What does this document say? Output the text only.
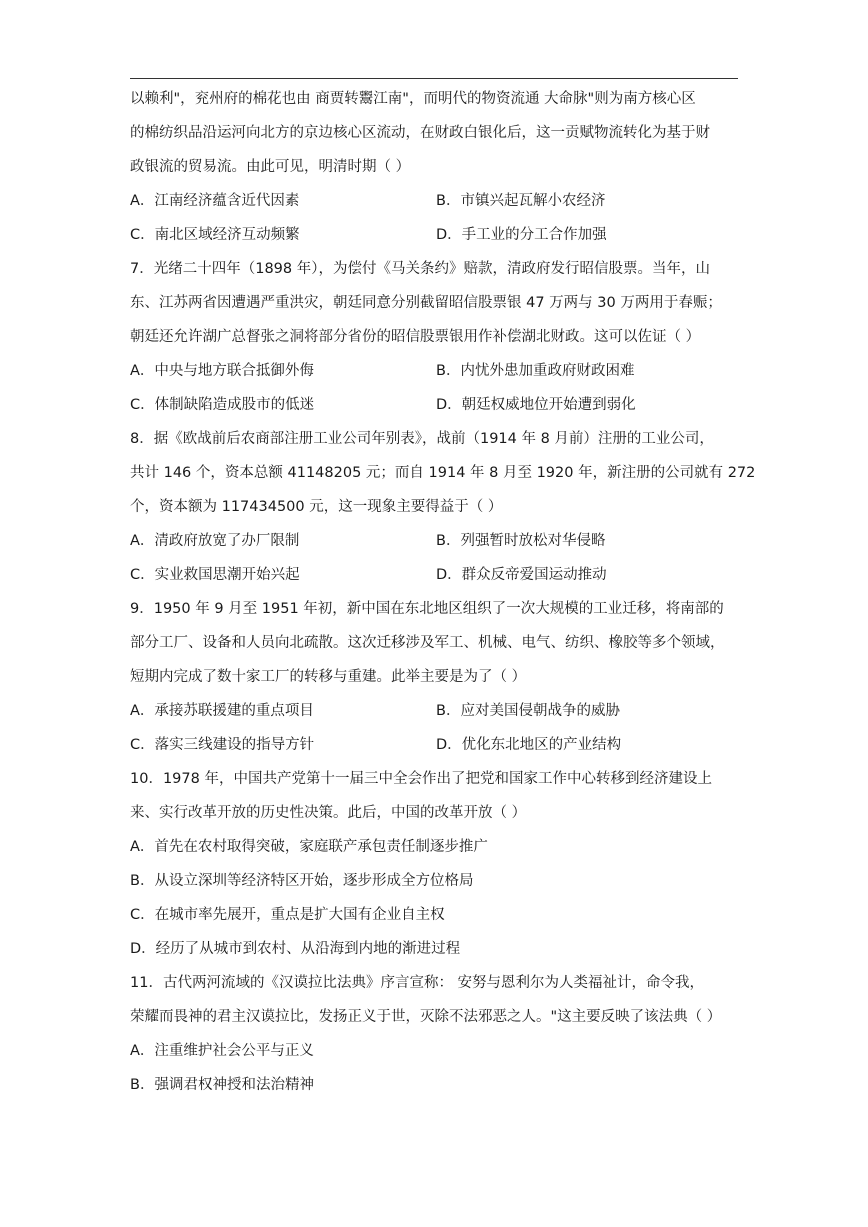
以赖利"，兖州府的棉花也由 商贾转鬻江南"，而明代的物资流通 大命脉"则为南方核心区
的棉纺织品沿运河向北方的京边核心区流动，在财政白银化后，这一贡赋物流转化为基于财
政银流的贸易流。由此可见，明清时期（ ）
A．江南经济蕴含近代因素	B．市镇兴起瓦解小农经济
C．南北区域经济互动频繁	D．手工业的分工合作加强
7．光绪二十四年（1898 年），为偿付《马关条约》赔款，清政府发行昭信股票。当年，山
东、江苏两省因遭遇严重洪灾，朝廷同意分别截留昭信股票银 47 万两与 30 万两用于春赈；
朝廷还允许湖广总督张之洞将部分省份的昭信股票银用作补偿湖北财政。这可以佐证（ ）
A．中央与地方联合抵御外侮	B．内忧外患加重政府财政困难
C．体制缺陷造成股市的低迷	D．朝廷权威地位开始遭到弱化
8．据《欧战前后农商部注册工业公司年别表》，战前（1914 年 8 月前）注册的工业公司，
共计 146 个，资本总额 41148205 元；而自 1914 年 8 月至 1920 年，新注册的公司就有 272
个，资本额为 117434500 元，这一现象主要得益于（ ）
A．清政府放宽了办厂限制	B．列强暂时放松对华侵略
C．实业救国思潮开始兴起	D．群众反帝爱国运动推动
9．1950 年 9 月至 1951 年初，新中国在东北地区组织了一次大规模的工业迁移，将南部的
部分工厂、设备和人员向北疏散。这次迁移涉及军工、机械、电气、纺织、橡胶等多个领域，
短期内完成了数十家工厂的转移与重建。此举主要是为了（ ）
A．承接苏联援建的重点项目	B．应对美国侵朝战争的威胁
C．落实三线建设的指导方针	D．优化东北地区的产业结构
10．1978 年，中国共产党第十一届三中全会作出了把党和国家工作中心转移到经济建设上
来、实行改革开放的历史性决策。此后，中国的改革开放（ ）
A．首先在农村取得突破，家庭联产承包责任制逐步推广
B．从设立深圳等经济特区开始，逐步形成全方位格局
C．在城市率先展开，重点是扩大国有企业自主权
D．经历了从城市到农村、从沿海到内地的渐进过程
11．古代两河流域的《汉谟拉比法典》序言宣称： 安努与恩利尔为人类福祉计，命令我，
荣耀而畏神的君主汉谟拉比，发扬正义于世，灭除不法邪恶之人。"这主要反映了该法典（ ）
A．注重维护社会公平与正义
B．强调君权神授和法治精神
